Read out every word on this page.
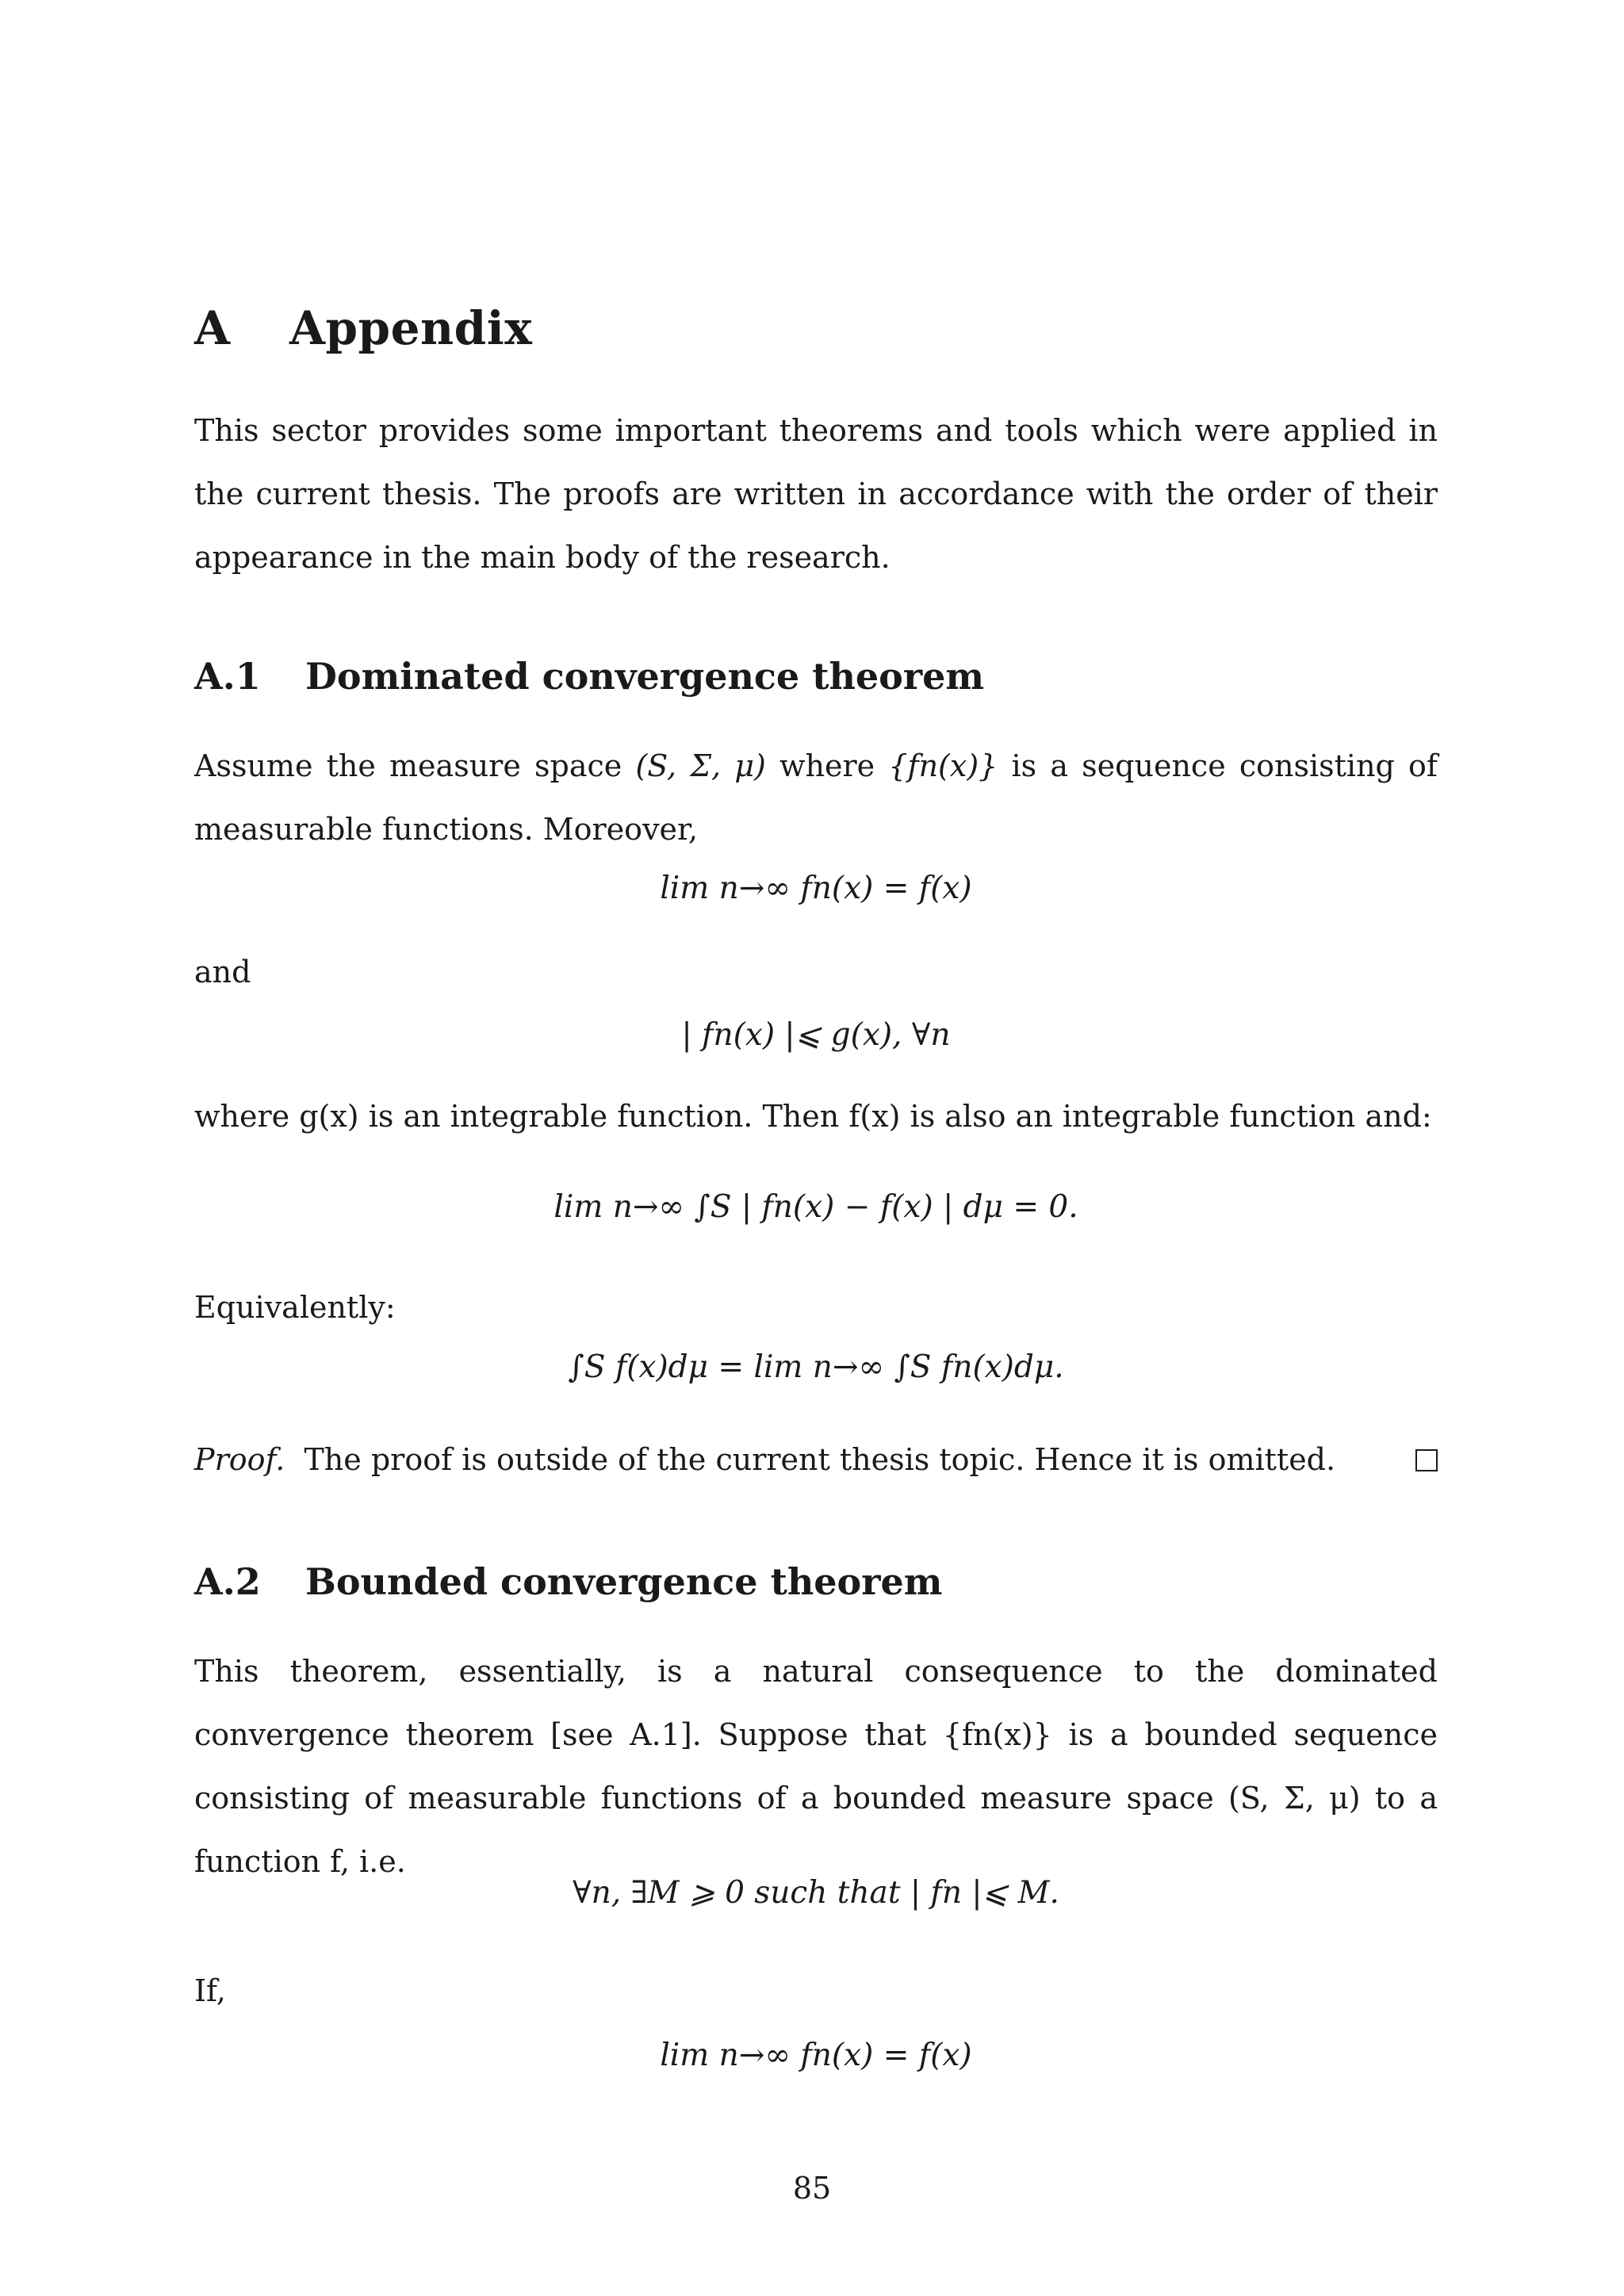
A Appendix

This sector provides some important theorems and tools which were applied in the current thesis. The proofs are written in accordance with the order of their appearance in the main body of the research.

A.1 Dominated convergence theorem

Assume the measure space (S, Σ, μ) where {fn(x)} is a sequence consisting of measurable functions. Moreover,

lim n→∞ fn(x) = f(x)
and
| fn(x) |⩽ g(x), ∀n
where g(x) is an integrable function. Then f(x) is also an integrable function and:
lim n→∞ ∫S | fn(x) − f(x) | dμ = 0.
Equivalently:
∫S f(x)dμ = lim n→∞ ∫S fn(x)dμ.
Proof. The proof is outside of the current thesis topic. Hence it is omitted.
A.2 Bounded convergence theorem

This theorem, essentially, is a natural consequence to the dominated convergence theorem [see A.1]. Suppose that {fn(x)} is a bounded sequence consisting of measurable functions of a bounded measure space (S, Σ, μ) to a function f, i.e.

∀n, ∃M ⩾ 0 such that | fn |⩽ M.
If,
lim n→∞ fn(x) = f(x)
85
